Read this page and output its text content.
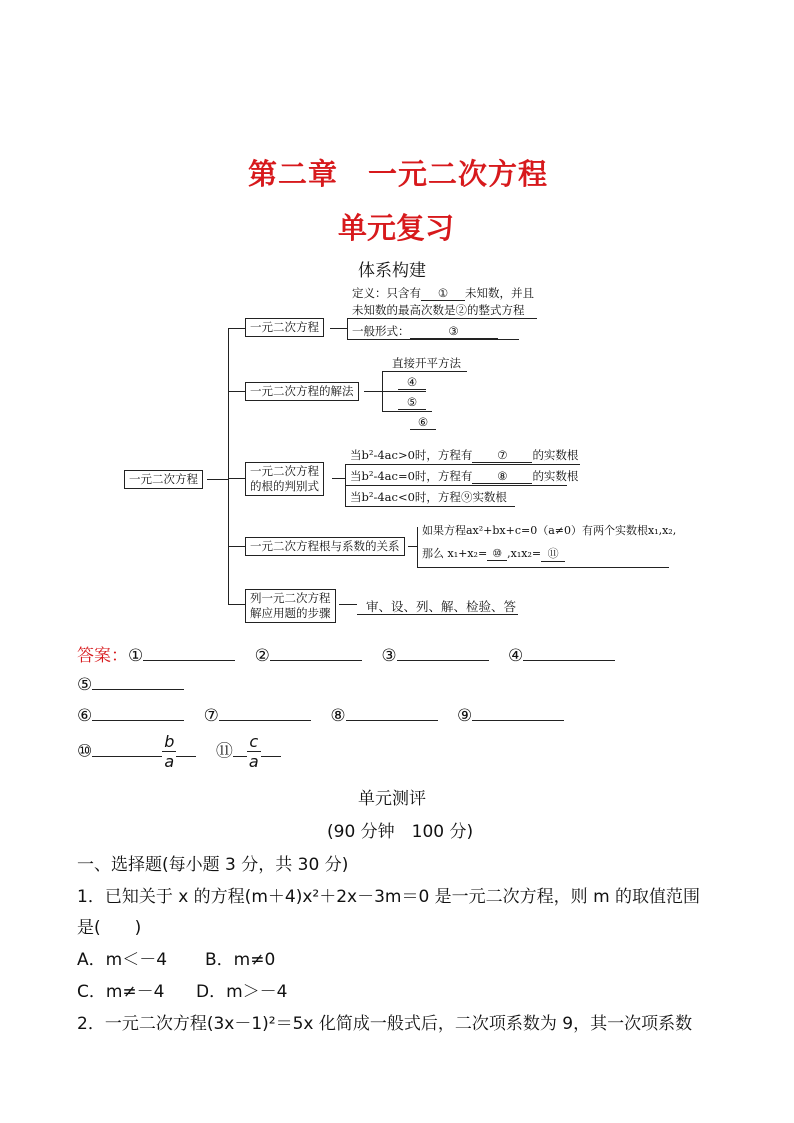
第二章　一元二次方程
单元复习
体系构建
一元二次方程
一元二次方程
定义：只含有 ① 未知数，并且
未知数的最高次数是②的整式方程
一般形式：	③
一元二次方程的解法
直接开平方法
④
⑤
⑥
一元二次方程
的根的判别式
当b²-4ac>0时，方程有 ⑦ 的实数根
当b²-4ac=0时，方程有 ⑧ 的实数根
当b²-4ac<0时，方程⑨实数根
一元二次方程根与系数的关系
如果方程ax²+bx+c=0（a≠0）有两个实数根x₁,x₂,
那么 x₁+x₂= ⑩ ,x₁x₂= ⑪
列一元二次方程
解应用题的步骤	审、设、列、解、检验、答
答案：①	②	③	④
⑤
⑥	⑦	⑧	⑨
⑩	$\frac{b}{a}$ ⑪ $\frac{c}{a}$
单元测评
(90 分钟　100 分)
一、选择题(每小题 3 分，共 30 分)
1．已知关于 x 的方程(m＋4)x²＋2x－3m＝0 是一元二次方程，则 m 的取值范围
是(　　)
A．m＜－4 B．m≠0
C．m≠－4 D．m＞－4
2．一元二次方程(3x－1)²＝5x 化简成一般式后，二次项系数为 9，其一次项系数
